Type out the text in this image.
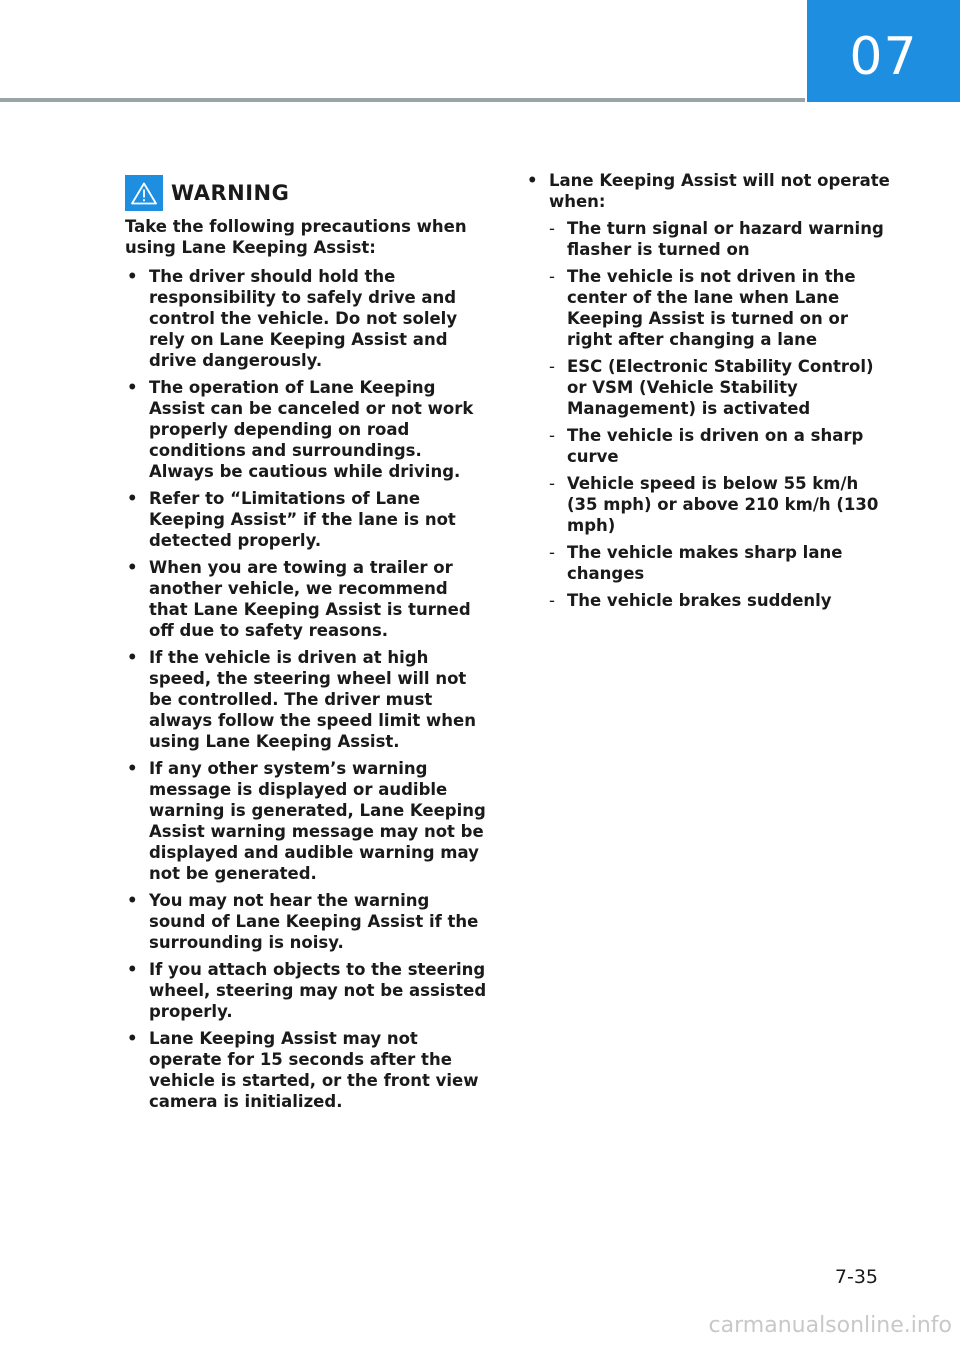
07
WARNING

Take the following precautions when using Lane Keeping Assist:

• The driver should hold the responsibility to safely drive and control the vehicle. Do not solely rely on Lane Keeping Assist and drive dangerously.
• The operation of Lane Keeping Assist can be canceled or not work properly depending on road conditions and surroundings. Always be cautious while driving.
• Refer to “Limitations of Lane Keeping Assist” if the lane is not detected properly.
• When you are towing a trailer or another vehicle, we recommend that Lane Keeping Assist is turned off due to safety reasons.
• If the vehicle is driven at high speed, the steering wheel will not be controlled. The driver must always follow the speed limit when using Lane Keeping Assist.
• If any other system’s warning message is displayed or audible warning is generated, Lane Keeping Assist warning message may not be displayed and audible warning may not be generated.
• You may not hear the warning sound of Lane Keeping Assist if the surrounding is noisy.
• If you attach objects to the steering wheel, steering may not be assisted properly.
• Lane Keeping Assist may not operate for 15 seconds after the vehicle is started, or the front view camera is initialized.
• Lane Keeping Assist will not operate when:
- The turn signal or hazard warning flasher is turned on
- The vehicle is not driven in the center of the lane when Lane Keeping Assist is turned on or right after changing a lane
- ESC (Electronic Stability Control) or VSM (Vehicle Stability Management) is activated
- The vehicle is driven on a sharp curve
- Vehicle speed is below 55 km/h (35 mph) or above 210 km/h (130 mph)
- The vehicle makes sharp lane changes
- The vehicle brakes suddenly
7-35
carmanualsonline.info
